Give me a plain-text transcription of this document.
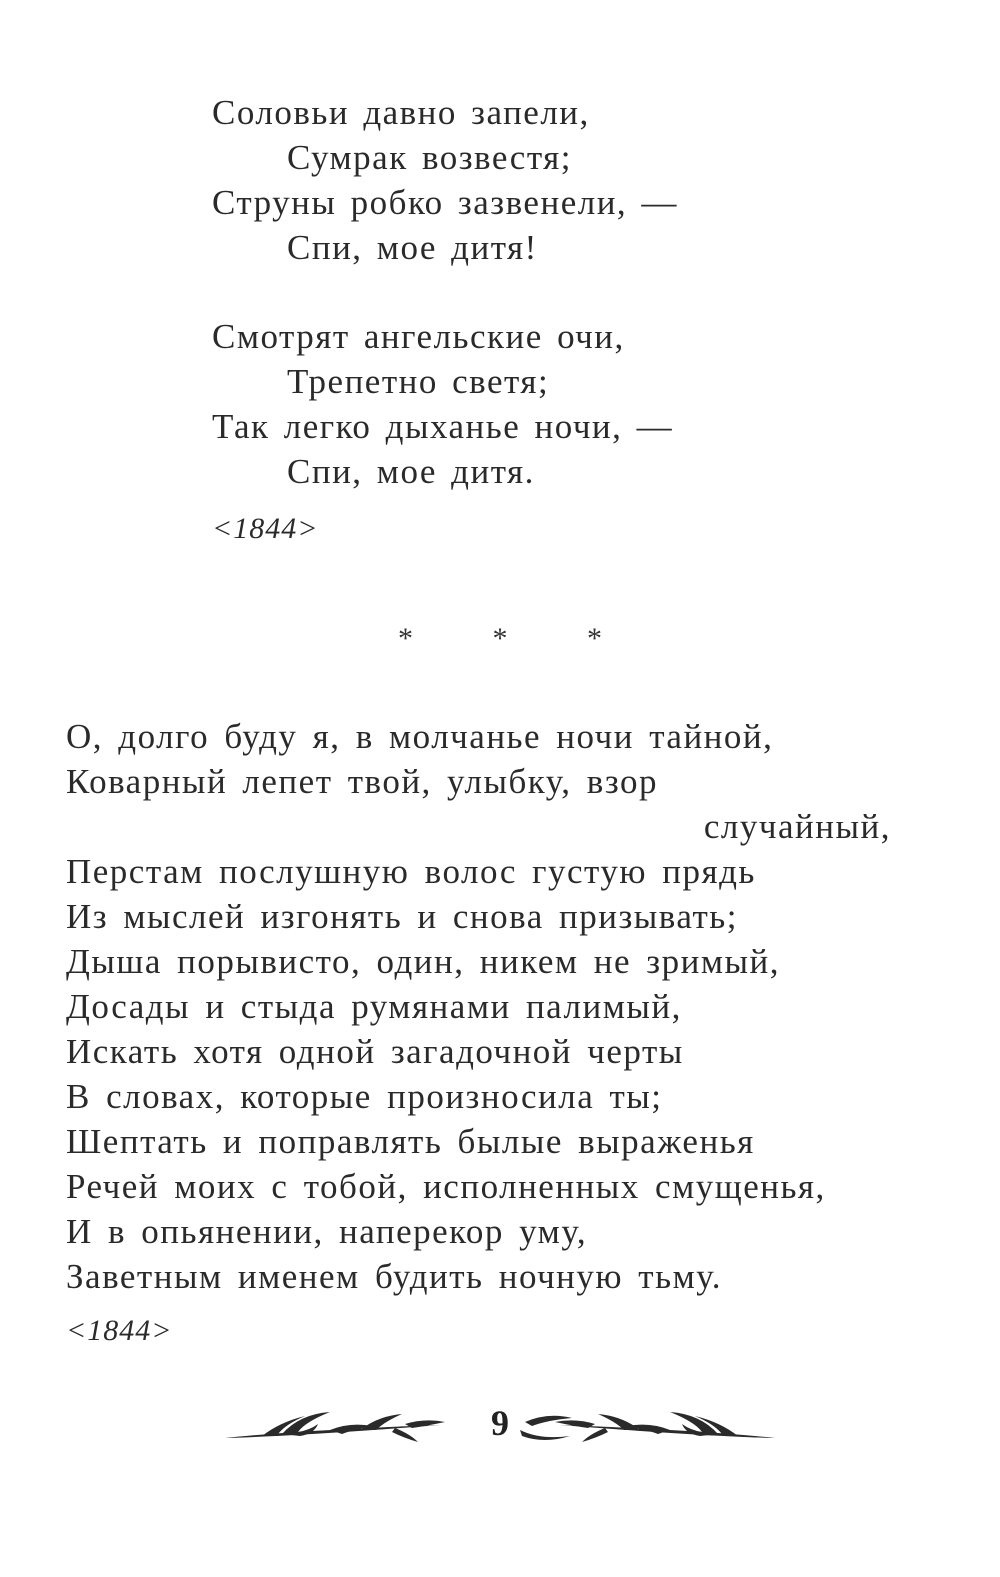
Соловьи давно запели,
Сумрак возвестя;
Струны робко зазвенели, —
Спи, мое дитя!
Смотрят ангельские очи,
Трепетно светя;
Так легко дыханье ночи, —
Спи, мое дитя.
<1844>
* * *
О, долго буду я, в молчанье ночи тайной,
Коварный лепет твой, улыбку, взор
случайный,
Перстам послушную волос густую прядь
Из мыслей изгонять и снова призывать;
Дыша порывисто, один, никем не зримый,
Досады и стыда румянами палимый,
Искать хотя одной загадочной черты
В словах, которые произносила ты;
Шептать и поправлять былые выраженья
Речей моих с тобой, исполненных смущенья,
И в опьянении, наперекор уму,
Заветным именем будить ночную тьму.
<1844>
9
